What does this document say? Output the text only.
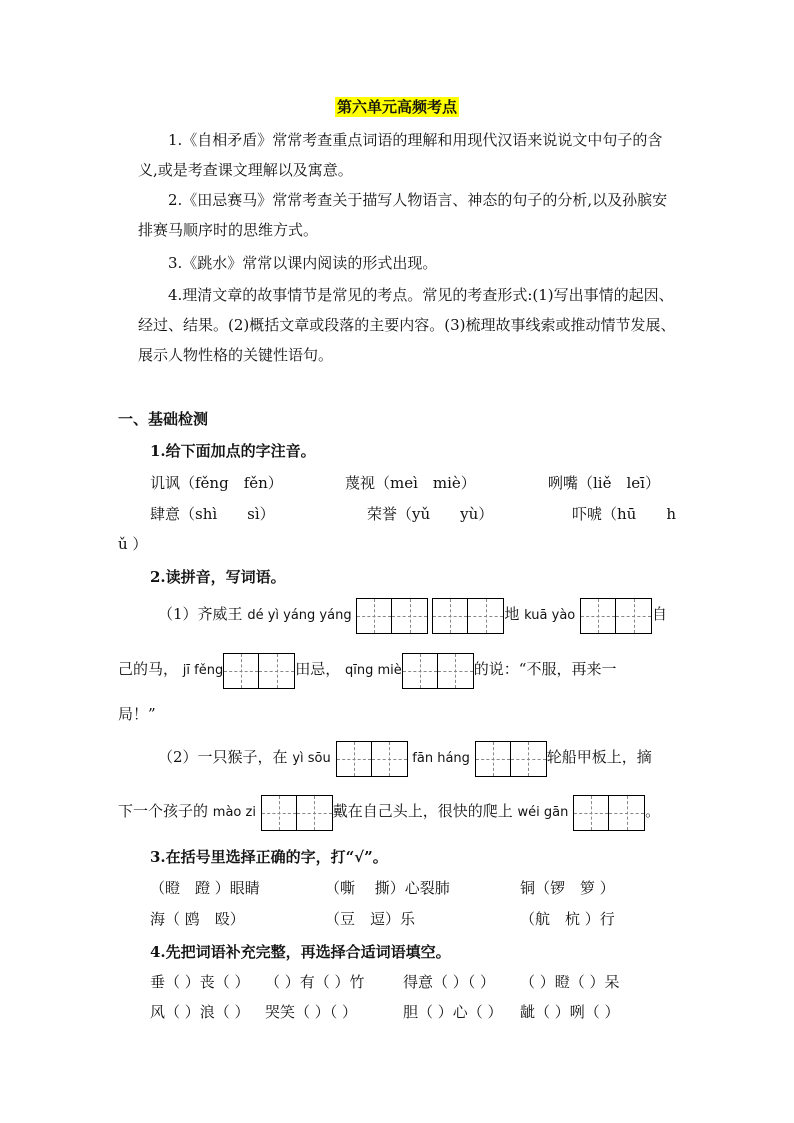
第六单元高频考点
1.《自相矛盾》常常考查重点词语的理解和用现代汉语来说说文中句子的含义,或是考查课文理解以及寓意。
2.《田忌赛马》常常考查关于描写人物语言、神态的句子的分析,以及孙膑安排赛马顺序时的思维方式。
3.《跳水》常常以课内阅读的形式出现。
4.理清文章的故事情节是常见的考点。常见的考查形式:(1)写出事情的起因、经过、结果。(2)概括文章或段落的主要内容。(3)梳理故事线索或推动情节发展、展示人物性格的关键性语句。
一、基础检测
1.给下面加点的字注音。
讥讽（fěng　fěn）	蔑视（meì　miè）	咧嘴（liě　leī）
肆意（shì　　sì）	荣誉（yǔ　　yù）	吓唬（hū　　h
ǔ ）
2.读拼音，写词语。
（1）齐威王 dé yì yáng yáng	地 kuā yào	自
己的马， jī fěng	田忌， qīng miè	的说：“不服，再来一
局！”
（2）一只猴子，在 yì sōu	fān háng	轮船甲板上，摘
下一个孩子的 mào zi	戴在自己头上，很快的爬上 wéi gān	。
3.在括号里选择正确的字，打“√”。
（瞪　蹬 ）眼睛	（嘶　 撕）心裂肺	铜（锣　箩 ）
海（ 鸥　殴）	（豆　逗）乐	（航　杭 ）行
4.先把词语补充完整，再选择合适词语填空。
垂（ ）丧（ ） （ ）有（ ）竹	得意（ ）（ ） （ ）瞪（ ）呆
风（ ）浪（ ） 哭笑（ ）（ ）	胆（ ）心（ ） 龇（ ）咧（ ）
